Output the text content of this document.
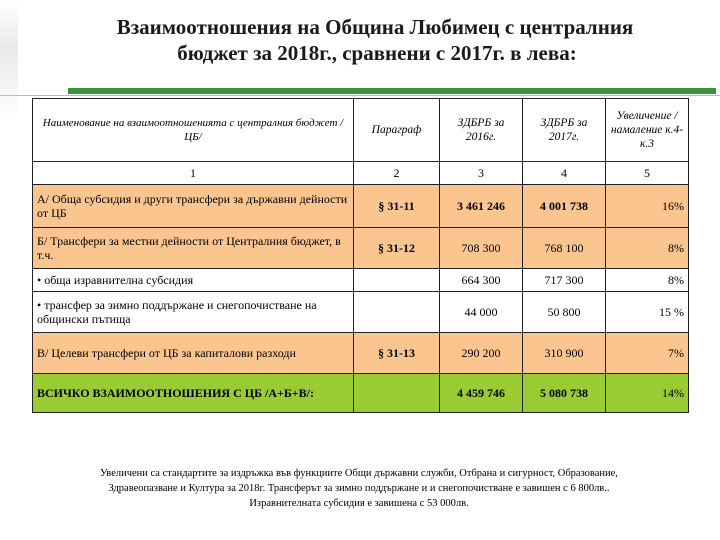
Взаимоотношения на Община Любимец с централния
бюджет за 2018г., сравнени с 2017г. в лева:
Наименование на взаимоотношенията с централния бюджет /ЦБ/	Параграф	ЗДБРБ за 2016г.	ЗДБРБ за 2017г.	Увеличение /намаление к.4-к.3
1	2	3	4	5
А/ Обща субсидия и други трансфери за държавни дейности от ЦБ	§ 31-11	3 461 246	4 001 738	16%
Б/ Трансфери за местни дейности от Централния бюджет, в т.ч.	§ 31-12	708 300	768 100	8%
• обща изравнителна субсидия		664 300	717 300	8%
• трансфер за зимно поддържане и снегопочистване на общински пътища		44 000	50 800	15 %
В/ Целеви трансфери от ЦБ за капиталови разходи	§ 31-13	290 200	310 900	7%
ВСИЧКО ВЗАИМООТНОШЕНИЯ С ЦБ /А+Б+В/:		4 459 746	5 080 738	14%
Увеличени са стандартите за издръжка във функциите Общи държавни служби, Отбрана и сигурност, Образование,
Здравеопазване и Култура за 2018г. Трансферът за зимно поддържане и и снегопочистване е завишен с 6 800лв..
Изравнителната субсидия е завишена с 53 000лв.
